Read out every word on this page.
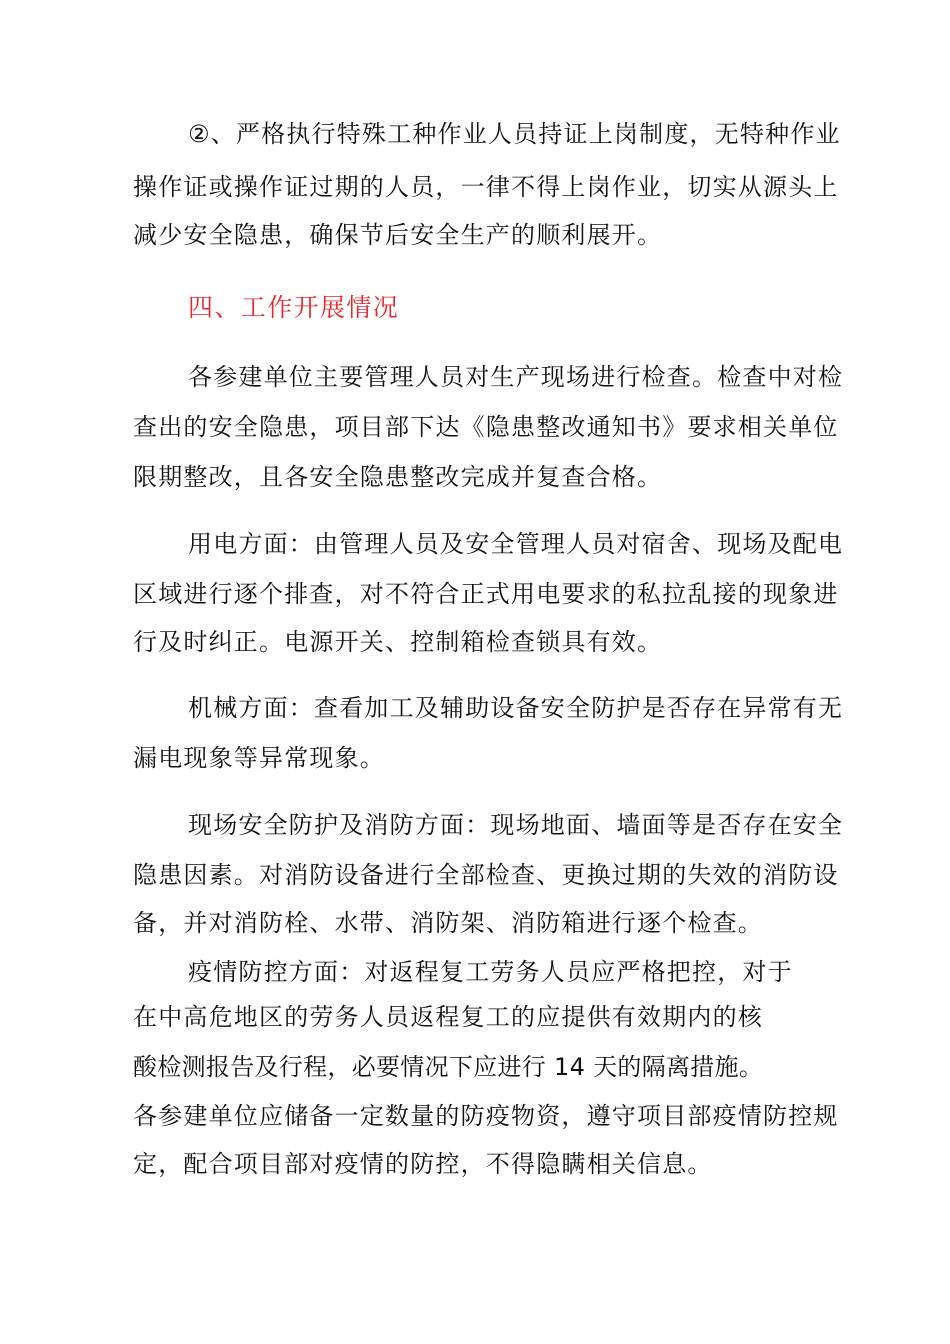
②、严格执行特殊工种作业人员持证上岗制度，无特种作业

操作证或操作证过期的人员，一律不得上岗作业，切实从源头上

减少安全隐患，确保节后安全生产的顺利展开。

四、工作开展情况

各参建单位主要管理人员对生产现场进行检查。检查中对检

查出的安全隐患，项目部下达《隐患整改通知书》要求相关单位

限期整改，且各安全隐患整改完成并复查合格。

用电方面：由管理人员及安全管理人员对宿舍、现场及配电

区域进行逐个排查，对不符合正式用电要求的私拉乱接的现象进

行及时纠正。电源开关、控制箱检查锁具有效。

机械方面：查看加工及辅助设备安全防护是否存在异常有无

漏电现象等异常现象。

现场安全防护及消防方面：现场地面、墙面等是否存在安全

隐患因素。对消防设备进行全部检查、更换过期的失效的消防设

备，并对消防栓、水带、消防架、消防箱进行逐个检查。

疫情防控方面：对返程复工劳务人员应严格把控，对于

在中高危地区的劳务人员返程复工的应提供有效期内的核

酸检测报告及行程，必要情况下应进行 14 天的隔离措施。

各参建单位应储备一定数量的防疫物资，遵守项目部疫情防控规

定，配合项目部对疫情的防控，不得隐瞒相关信息。
